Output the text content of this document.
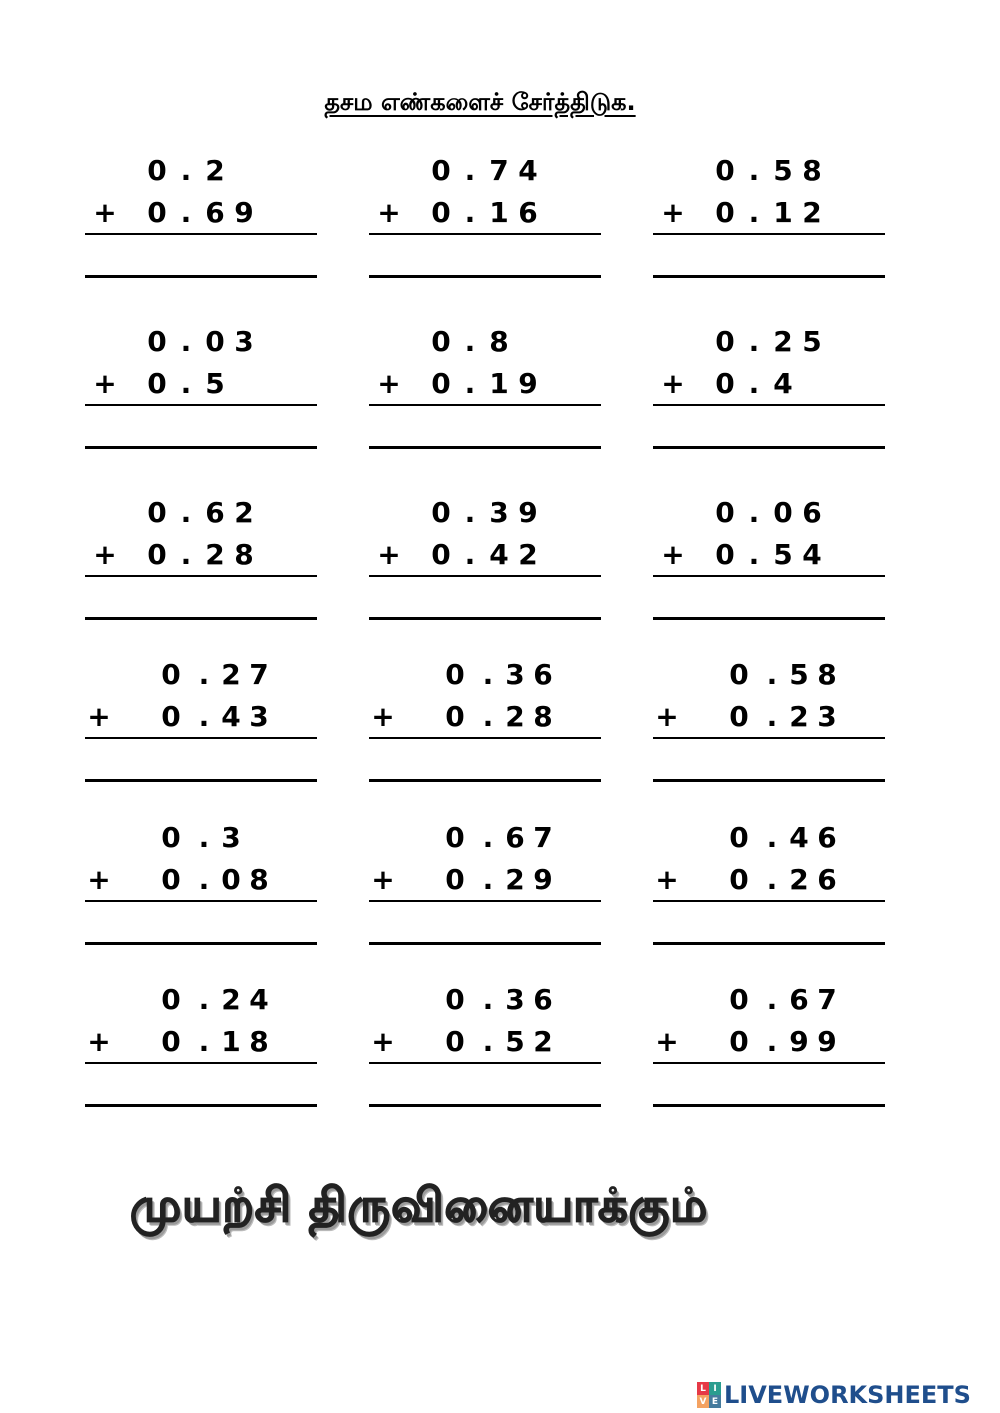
தசம எண்களைச் சேர்த்திடுக.
0 . 2
+ 0 . 6 9
0 . 7 4
+ 0 . 1 6
0 . 5 8
+ 0 . 1 2
0 . 0 3
+ 0 . 5
0 . 8
+ 0 . 1 9
0 . 2 5
+ 0 . 4
0 . 6 2
+ 0 . 2 8
0 . 3 9
+ 0 . 4 2
0 . 0 6
+ 0 . 5 4
0 . 2 7
+ 0 . 4 3
0 . 3 6
+ 0 . 2 8
0 . 5 8
+ 0 . 2 3
0 . 3
+ 0 . 0 8
0 . 6 7
+ 0 . 2 9
0 . 4 6
+ 0 . 2 6
0 . 2 4
+ 0 . 1 8
0 . 3 6
+ 0 . 5 2
0 . 6 7
+ 0 . 9 9
முயற்சி திருவினையாக்கும்
L I
V E LIVEWORKSHEETS
